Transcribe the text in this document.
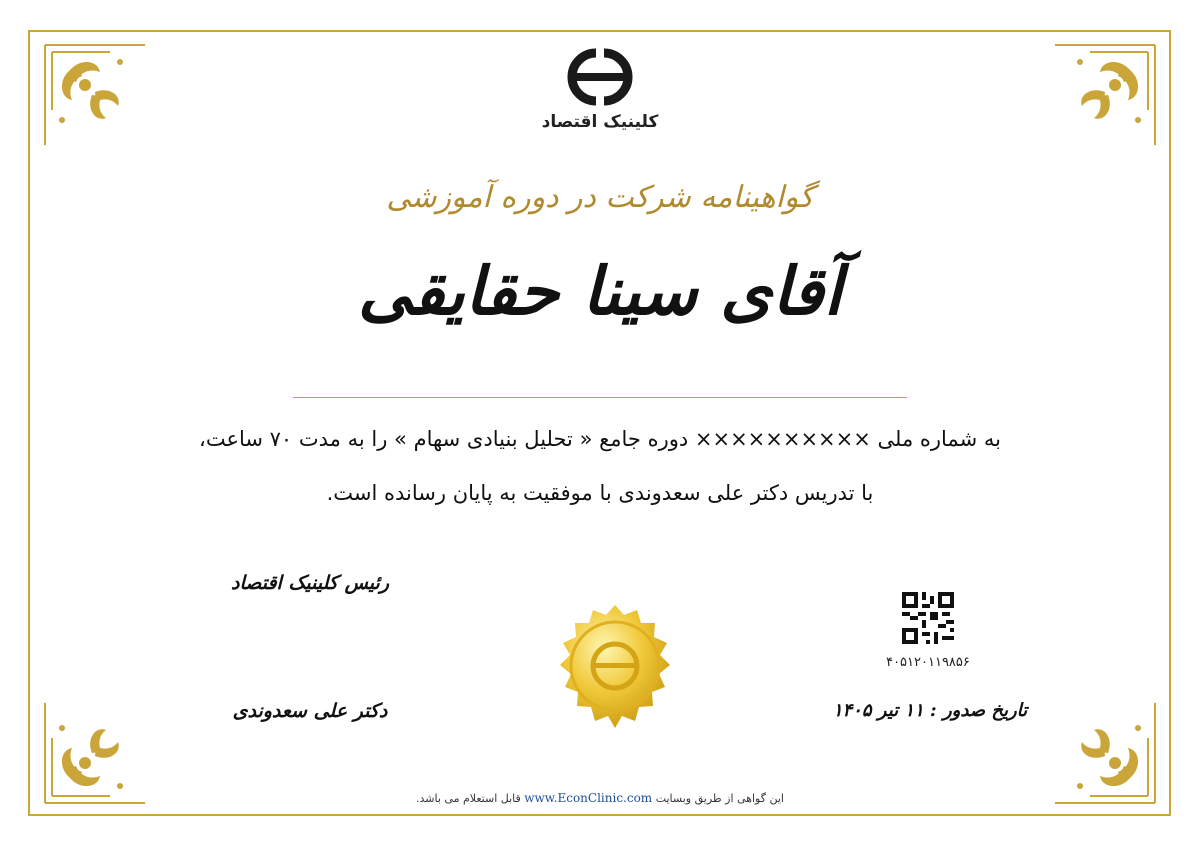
کلینیک اقتصاد
گواهینامه شرکت در دوره آموزشی
آقای سینا حقایقی
به شماره ملی ×××××××××× دوره جامع « تحلیل بنیادی سهام » را به مدت ۷۰ ساعت،
با تدریس دکتر علی سعدوندی با موفقیت به پایان رسانده است.
رئیس کلینیک اقتصاد
دکتر علی سعدوندی
۴۰۵۱۲۰۱۱۹۸۵۶
تاریخ صدور : ۱۱ تیر ۱۴۰۵
این گواهی از طریق وبسایت www.EconClinic.com قابل استعلام می باشد.
